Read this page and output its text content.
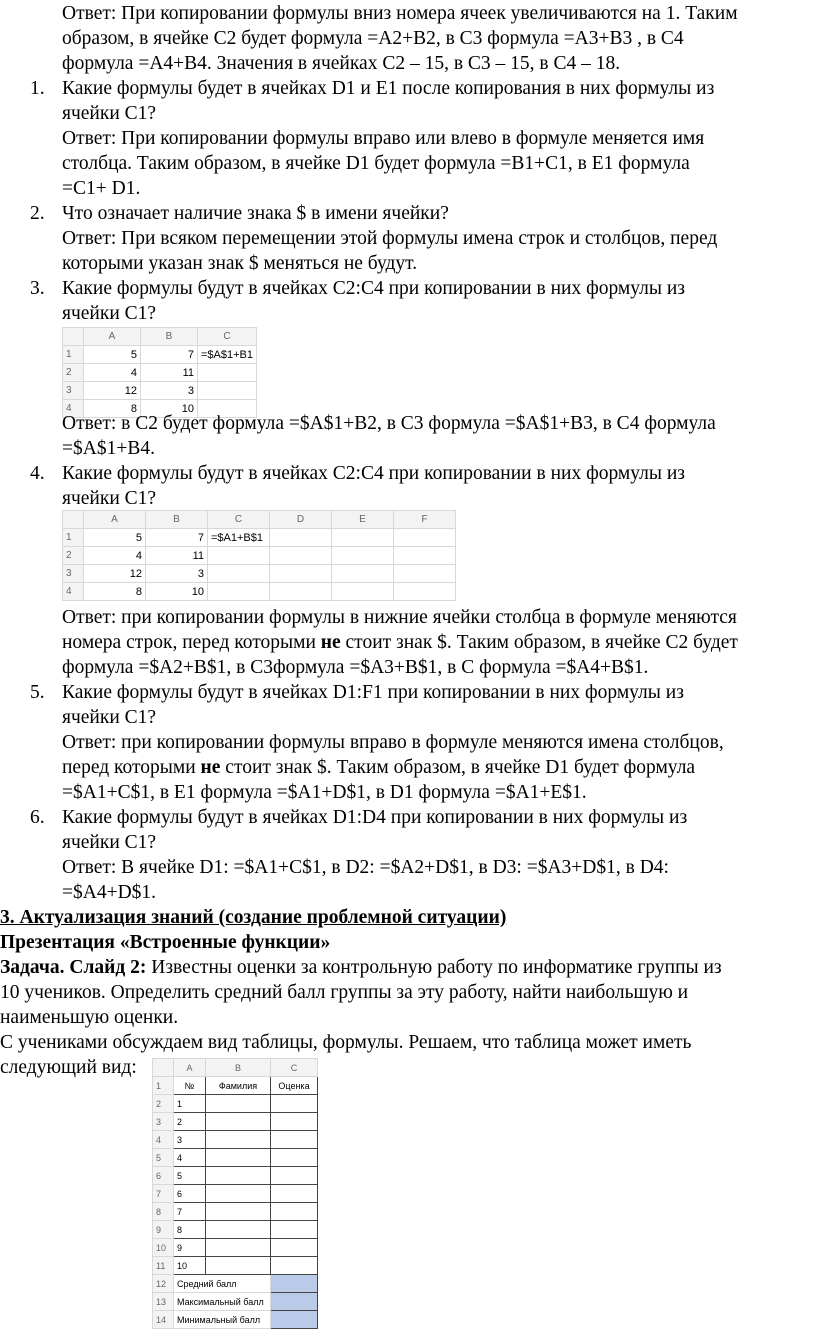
Ответ: При копировании формулы вниз номера ячеек увеличиваются на 1. Таким
образом, в ячейке С2 будет формула =А2+В2, в С3 формула =А3+В3 , в С4
формула =А4+В4. Значения в ячейках С2 – 15, в С3 – 15, в С4 – 18.
1. Какие формулы будет в ячейках D1 и Е1 после копирования в них формулы из
ячейки С1?
Ответ: При копировании формулы вправо или влево в формуле меняется имя
столбца. Таким образом, в ячейке D1 будет формула =В1+С1, в Е1 формула
=С1+ D1.
2. Что означает наличие знака $ в имени ячейки?
Ответ: При всяком перемещении этой формулы имена строк и столбцов, перед
которыми указан знак $ меняться не будут.
3. Какие формулы будут в ячейках С2:С4 при копировании в них формулы из
ячейки С1?
	A	B	C
1	5	7	=$A$1+B1
2	4	11	
3	12	3	
4	8	10	
Ответ: в С2 будет формула =$А$1+В2, в С3 формула =$А$1+В3, в С4 формула
=$А$1+В4.
4. Какие формулы будут в ячейках С2:С4 при копировании в них формулы из
ячейки С1?
	A	B	C	D	E	F
1	5	7	=$A1+B$1			
2	4	11				
3	12	3				
4	8	10				
Ответ: при копировании формулы в нижние ячейки столбца в формуле меняются
номера строк, перед которыми не стоит знак $. Таким образом, в ячейке С2 будет
формула =$А2+В$1, в С3формула =$А3+В$1, в С формула =$А4+В$1.
5. Какие формулы будут в ячейках D1:F1 при копировании в них формулы из
ячейки С1?
Ответ: при копировании формулы вправо в формуле меняются имена столбцов,
перед которыми не стоит знак $. Таким образом, в ячейке D1 будет формула
=$А1+С$1, в Е1 формула =$А1+D$1, в D1 формула =$А1+Е$1.
6. Какие формулы будут в ячейках D1:D4 при копировании в них формулы из
ячейки С1?
Ответ: В ячейке D1: =$А1+С$1, в D2: =$А2+D$1, в D3: =$А3+D$1, в D4:
=$А4+D$1.
3. Актуализация знаний (создание проблемной ситуации)
Презентация «Встроенные функции»
Задача. Слайд 2: Известны оценки за контрольную работу по информатике группы из
10 учеников. Определить средний балл группы за эту работу, найти наибольшую и
наименьшую оценки.
С учениками обсуждаем вид таблицы, формулы. Решаем, что таблица может иметь
следующий вид:
		A	B	C
1	№	Фамилия	Оценка
2	1		
3	2		
4	3		
5	4		
6	5		
7	6		
8	7		
9	8		
10	9		
11	10		
12	Средний балл		
13	Максимальный балл		
14	Минимальный балл		
